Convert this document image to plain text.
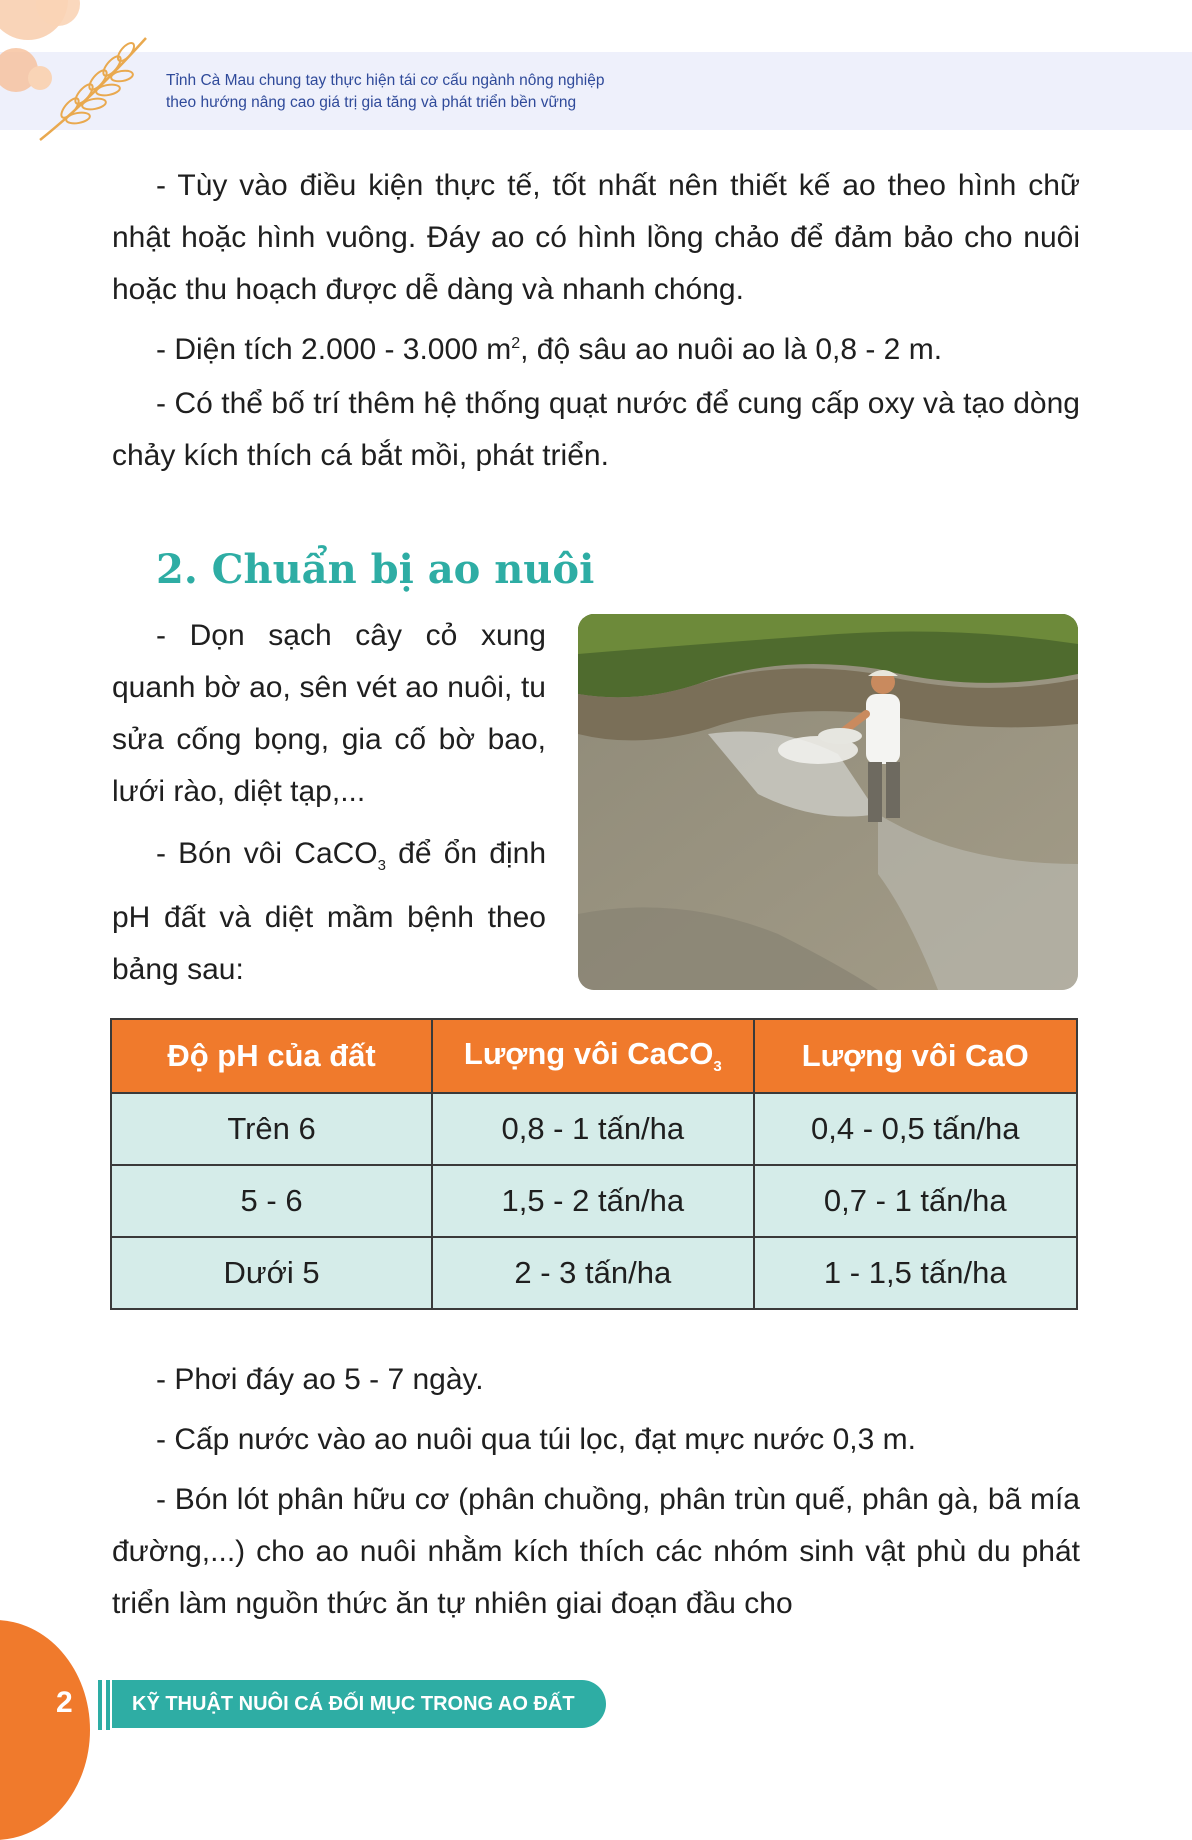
Tỉnh Cà Mau chung tay thực hiện tái cơ cấu ngành nông nghiệp
theo hướng nâng cao giá trị gia tăng và phát triển bền vững

- Tùy vào điều kiện thực tế, tốt nhất nên thiết kế ao theo hình chữ nhật hoặc hình vuông. Đáy ao có hình lồng chảo để đảm bảo cho nuôi hoặc thu hoạch được dễ dàng và nhanh chóng.

- Diện tích 2.000 - 3.000 $m^2$, độ sâu ao nuôi ao là 0,8 - 2 m.

- Có thể bố trí thêm hệ thống quạt nước để cung cấp oxy và tạo dòng chảy kích thích cá bắt mồi, phát triển.

2. Chuẩn bị ao nuôi

- Dọn sạch cây cỏ xung quanh bờ ao, sên vét ao nuôi, tu sửa cống bọng, gia cố bờ bao, lưới rào, diệt tạp,...

- Bón vôi CaCO$_3$ để ổn định pH đất và diệt mầm bệnh theo bảng sau:

Độ pH của đất	Lượng vôi CaCO$_3$	Lượng vôi CaO
Trên 6	0,8 - 1 tấn/ha	0,4 - 0,5 tấn/ha
5 - 6	1,5 - 2 tấn/ha	0,7 - 1 tấn/ha
Dưới 5	2 - 3 tấn/ha	1 - 1,5 tấn/ha

- Phơi đáy ao 5 - 7 ngày.

- Cấp nước vào ao nuôi qua túi lọc, đạt mực nước 0,3 m.

- Bón lót phân hữu cơ (phân chuồng, phân trùn quế, phân gà, bã mía đường,...) cho ao nuôi nhằm kích thích các nhóm sinh vật phù du phát triển làm nguồn thức ăn tự nhiên giai đoạn đầu cho

2	KỸ THUẬT NUÔI CÁ ĐỐI MỤC TRONG AO ĐẤT
